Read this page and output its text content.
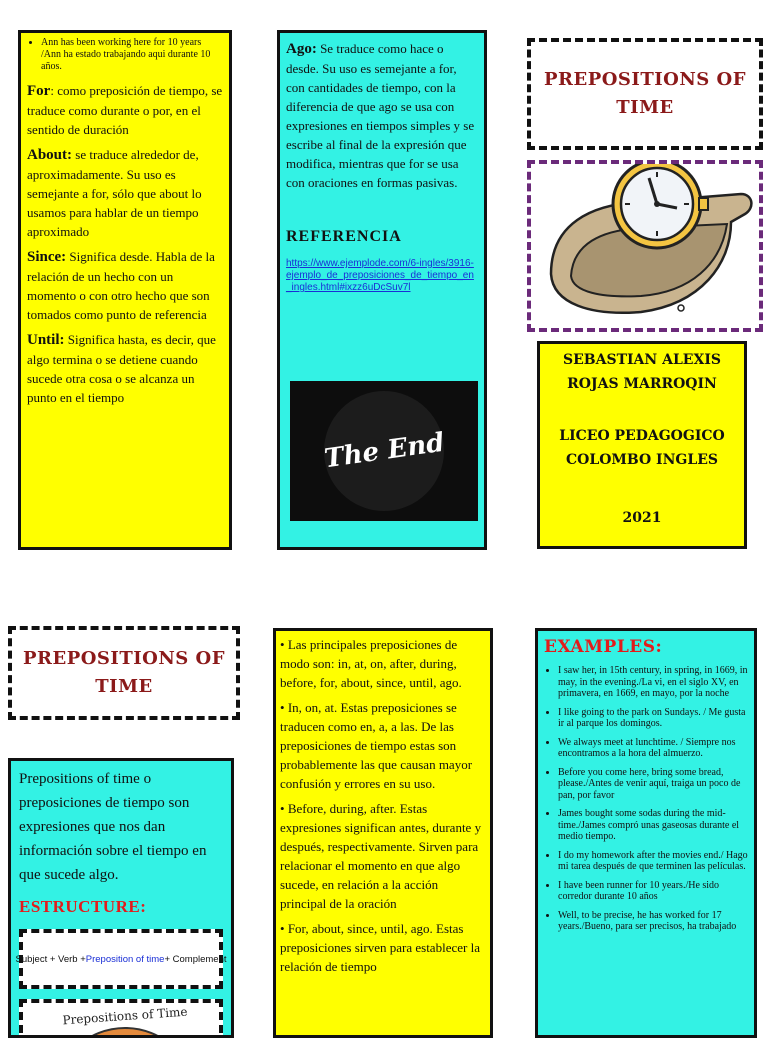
• Ann has been working here for 10 years /Ann ha estado trabajando aqui durante 10 años.

For: como preposición de tiempo, se traduce como durante o por, en el sentido de duración

About: se traduce alrededor de, aproximadamente. Su uso es semejante a for, sólo que about lo usamos para hablar de un tiempo aproximado

Since: Significa desde. Habla de la relación de un hecho con un momento o con otro hecho que son tomados como punto de referencia

Until: Significa hasta, es decir, que algo termina o se detiene cuando sucede otra cosa o se alcanza un punto en el tiempo

Ago: Se traduce como hace o desde. Su uso es semejante a for, con cantidades de tiempo, con la diferencia de que ago se usa con expresiones en tiempos simples y se escribe al final de la expresión que modifica, mientras que for se usa con oraciones en formas pasivas.

REFERENCIA
https://www.ejemplode.com/6-ingles/3916-ejemplo_de_preposiciones_de_tiempo_en_ingles.html#ixzz6uDcSuv7l
The End
PREPOSITIONS OF TIME
SEBASTIAN ALEXIS ROJAS MARROQIN
LICEO PEDAGOGICO COLOMBO INGLES
2021
PREPOSITIONS OF TIME

Prepositions of time o preposiciones de tiempo son expresiones que nos dan información sobre el tiempo en que sucede algo.

ESTRUCTURE:
Subject + Verb + Preposition of time + Complement
Prepositions of Time
• Las principales preposiciones de modo son: in, at, on, after, during, before, for, about, since, until, ago.
• In, on, at. Estas preposiciones se traducen como en, a, a las. De las preposiciones de tiempo estas son probablemente las que causan mayor confusión y errores en su uso.
• Before, during, after. Estas expresiones significan antes, durante y después, respectivamente. Sirven para relacionar el momento en que algo sucede, en relación a la acción principal de la oración
• For, about, since, until, ago. Estas preposiciones sirven para establecer la relación de tiempo
EXAMPLES:
• I saw her, in 15th century, in spring, in 1669, in may, in the evening./La vi, en el siglo XV, en primavera, en 1669, en mayo, por la noche
• I like going to the park on Sundays. / Me gusta ir al parque los domingos.
• We always meet at lunchtime. / Siempre nos encontramos a la hora del almuerzo.
• Before you come here, bring some bread, please./Antes de venir aquí, traiga un poco de pan, por favor
• James bought some sodas during the mid-time./James compró unas gaseosas durante el medio tiempo.
• I do my homework after the movies end./ Hago mi tarea después de que terminen las películas.
• I have been runner for 10 years./He sido corredor durante 10 años
• Well, to be precise, he has worked for 17 years./Bueno, para ser precisos, ha trabajado
